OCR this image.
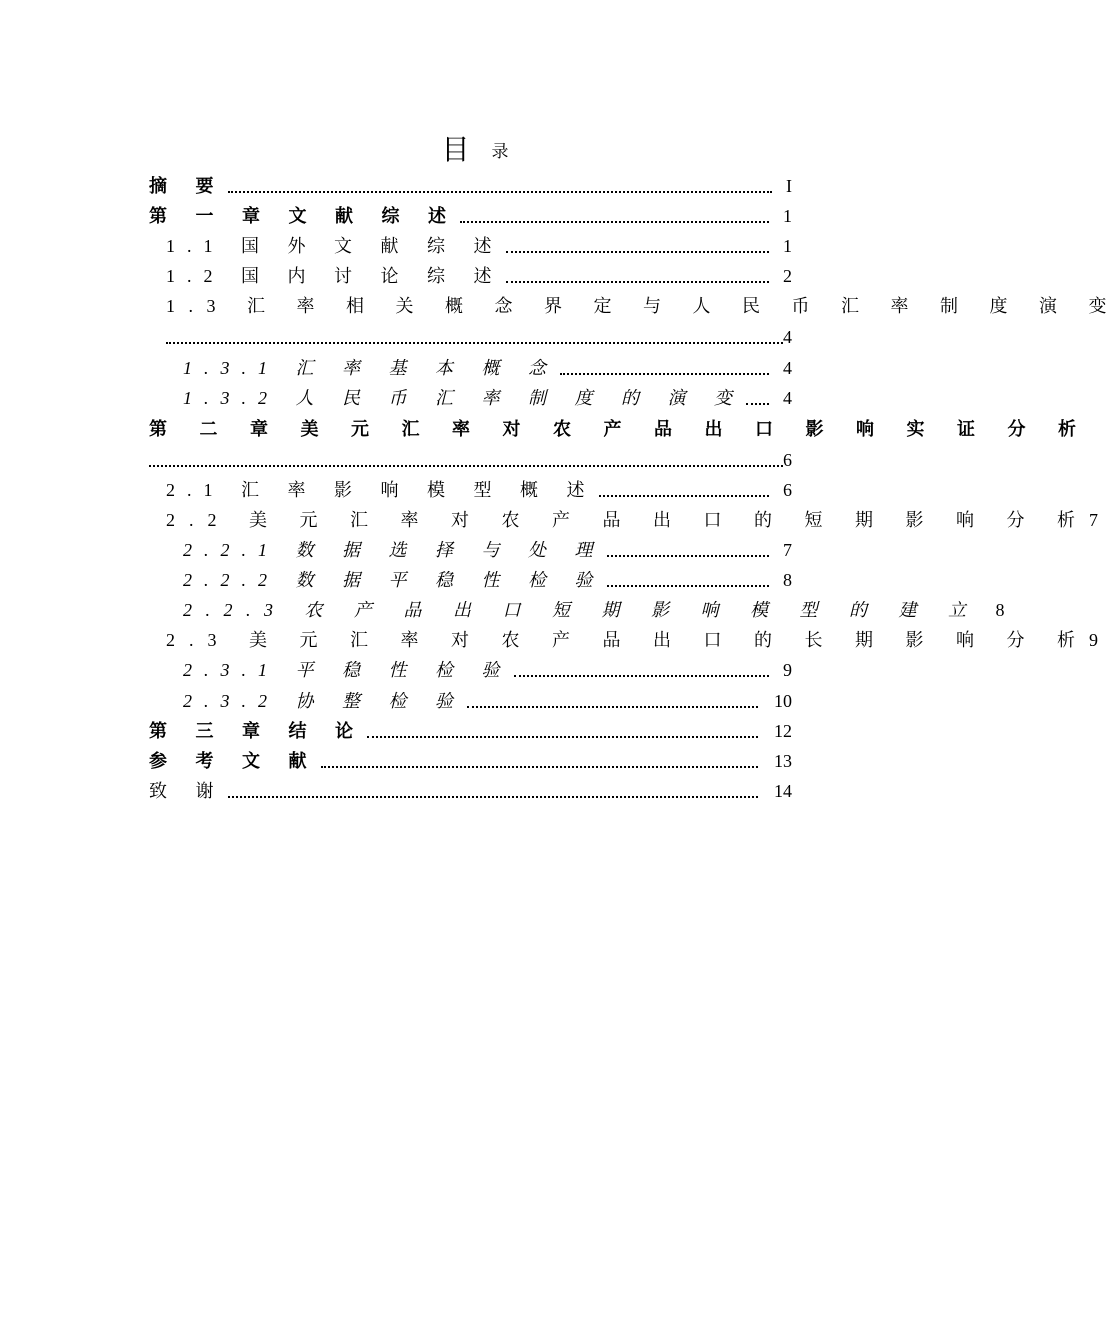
目 录
摘 要	I
第 一 章 文 献 综 述	1
1.1 国 外 文 献 综 述	1
1.2 国 内 讨 论 综 述	2
1.3 汇 率 相 关 概 念 界 定 与 人 民 币 汇 率 制 度 演 变
4
1.3.1 汇 率 基 本 概 念	4
1.3.2 人 民 币 汇 率 制 度 的 演 变 4
第 二 章 美 元 汇 率 对 农 产 品 出 口 影 响 实 证 分 析
6
2.1 汇 率 影 响 模 型 概 述	6
2.2 美 元 汇 率 对 农 产 品 出 口 的 短 期 影 响 分 析 7
2.2.1 数 据 选 择 与 处 理	7
2.2.2 数 据 平 稳 性 检 验	8
2.2.3 农 产 品 出 口 短 期 影 响 模 型 的 建 立 8
2.3 美 元 汇 率 对 农 产 品 出 口 的 长 期 影 响 分 析 9
2.3.1 平 稳 性 检 验	9
2.3.2 协 整 检 验	10
第 三 章 结 论	12
参 考 文 献	13
致 谢	14
